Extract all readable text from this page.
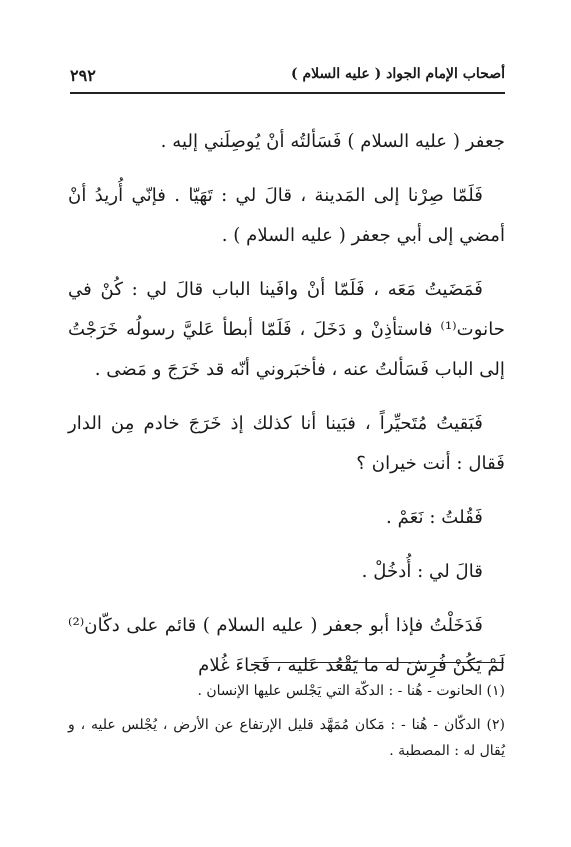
أصحاب الإمام الجواد ( عليه السلام )
٢٩٢

جعفر ( عليه السلام ) فَسَألتُه أنْ يُوصِلَني إليه .

فَلَمّا صِرْنا إلى المَدينة ، قالَ لي : تَهَيّا . فإنّي أُريدُ أنْ أمضي إلى أبي جعفر ( عليه السلام ) .

فَمَضَيتُ مَعَه ، فَلَمّا أنْ وافَينا الباب قالَ لي : كُنْ في حانوت⁽¹⁾ فاستأذِنْ و دَخَلَ ، فَلَمّا أبطأ عَليَّ رسولُه خَرَجْتُ إلى الباب فَسَألتُ عنه ، فأخبَروني أنّه قد خَرَجَ و مَضى .

فَبَقيتُ مُتَحيِّراً ، فبَينا أنا كذلك إذ خَرَجَ خادم مِن الدار فَقال : أنت خيران ؟

فَقُلتُ : نَعَمْ .

قالَ لي : أُدخُلْ .

فَدَخَلْتُ فإذا أبو جعفر ( عليه السلام ) قائم على دكّان⁽²⁾ لَمْ يَكُنْ فُرِشَ له ما يَقْعُد عَليه ، فَجاءَ غُلام

(١) الحانوت - هُنا - : الدكّة التي يَجْلس عليها الإنسان .

(٢) الدكّان - هُنا - : مَكان مُمَهَّد قليل الإرتفاع عن الأرض ، يُجْلس عليه ، و يُقال له : المصطبة .
